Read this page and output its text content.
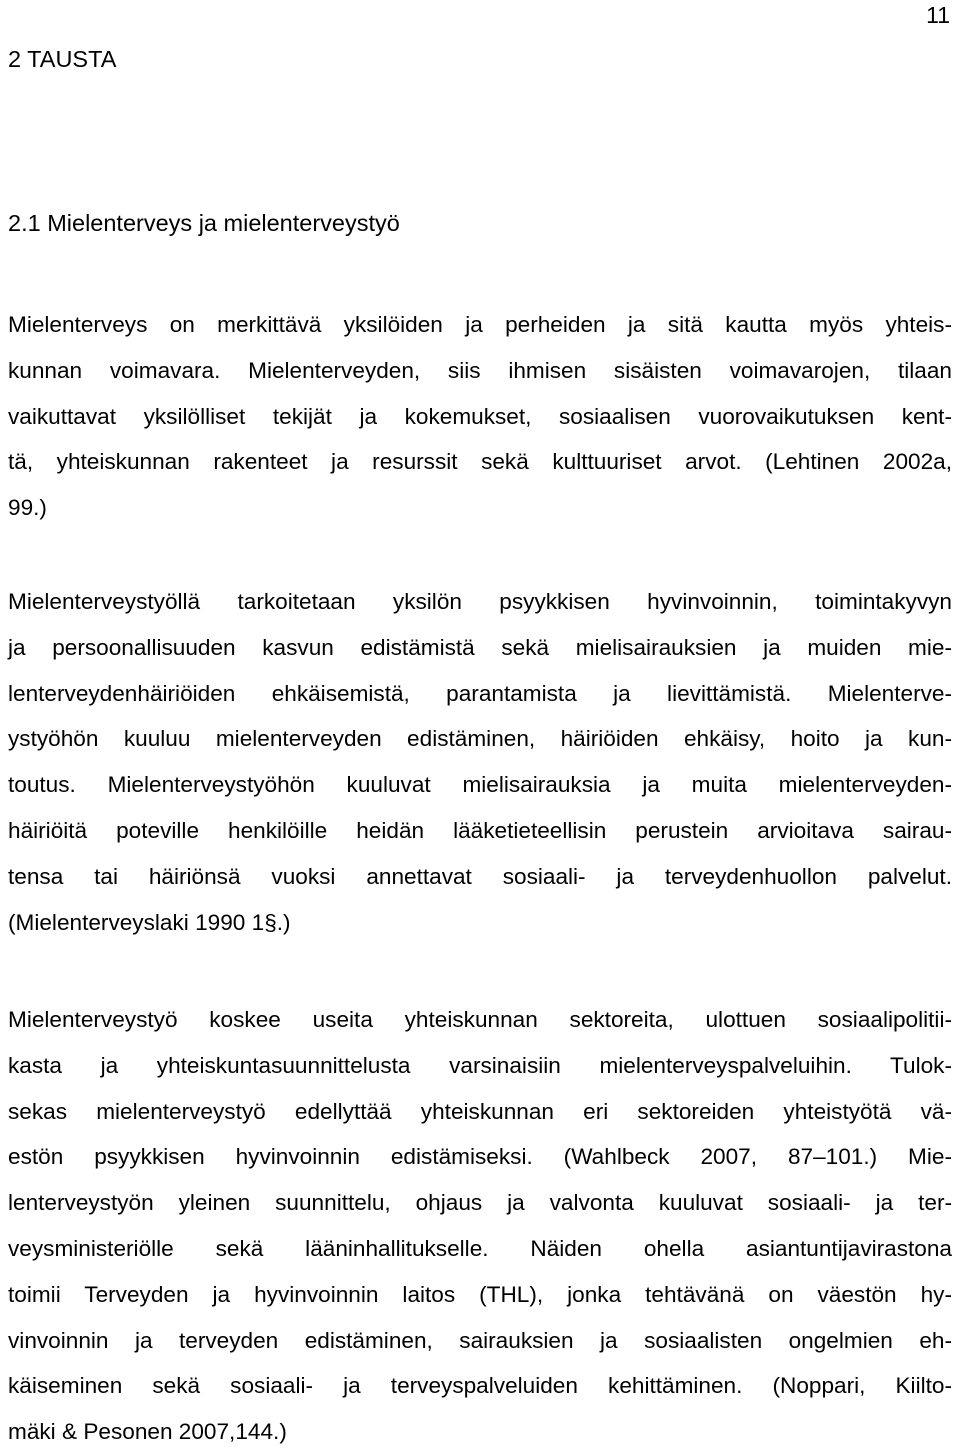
11
2 TAUSTA
2.1 Mielenterveys ja mielenterveystyö
Mielenterveys on merkittävä yksilöiden ja perheiden ja sitä kautta myös yhteis-
kunnan voimavara. Mielenterveyden, siis ihmisen sisäisten voimavarojen, tilaan
vaikuttavat yksilölliset tekijät ja kokemukset, sosiaalisen vuorovaikutuksen kent-
tä, yhteiskunnan rakenteet ja resurssit sekä kulttuuriset arvot. (Lehtinen 2002a,
99.)
Mielenterveystyöllä tarkoitetaan yksilön psyykkisen hyvinvoinnin, toimintakyvyn
ja persoonallisuuden kasvun edistämistä sekä mielisairauksien ja muiden mie-
lenterveydenhäiriöiden ehkäisemistä, parantamista ja lievittämistä. Mielenterve-
ystyöhön kuuluu mielenterveyden edistäminen, häiriöiden ehkäisy, hoito ja kun-
toutus. Mielenterveystyöhön kuuluvat mielisairauksia ja muita mielenterveyden-
häiriöitä poteville henkilöille heidän lääketieteellisin perustein arvioitava sairau-
tensa tai häiriönsä vuoksi annettavat sosiaali- ja terveydenhuollon palvelut.
(Mielenterveyslaki 1990 1§.)
Mielenterveystyö koskee useita yhteiskunnan sektoreita, ulottuen sosiaalipolitii-
kasta ja yhteiskuntasuunnittelusta varsinaisiin mielenterveyspalveluihin. Tulok-
sekas mielenterveystyö edellyttää yhteiskunnan eri sektoreiden yhteistyötä vä-
estön psyykkisen hyvinvoinnin edistämiseksi. (Wahlbeck 2007, 87–101.) Mie-
lenterveystyön yleinen suunnittelu, ohjaus ja valvonta kuuluvat sosiaali- ja ter-
veysministeriölle sekä lääninhallitukselle. Näiden ohella asiantuntijavirastona
toimii Terveyden ja hyvinvoinnin laitos (THL), jonka tehtävänä on väestön hy-
vinvoinnin ja terveyden edistäminen, sairauksien ja sosiaalisten ongelmien eh-
käiseminen sekä sosiaali- ja terveyspalveluiden kehittäminen. (Noppari, Kiilto-
mäki & Pesonen 2007,144.)
